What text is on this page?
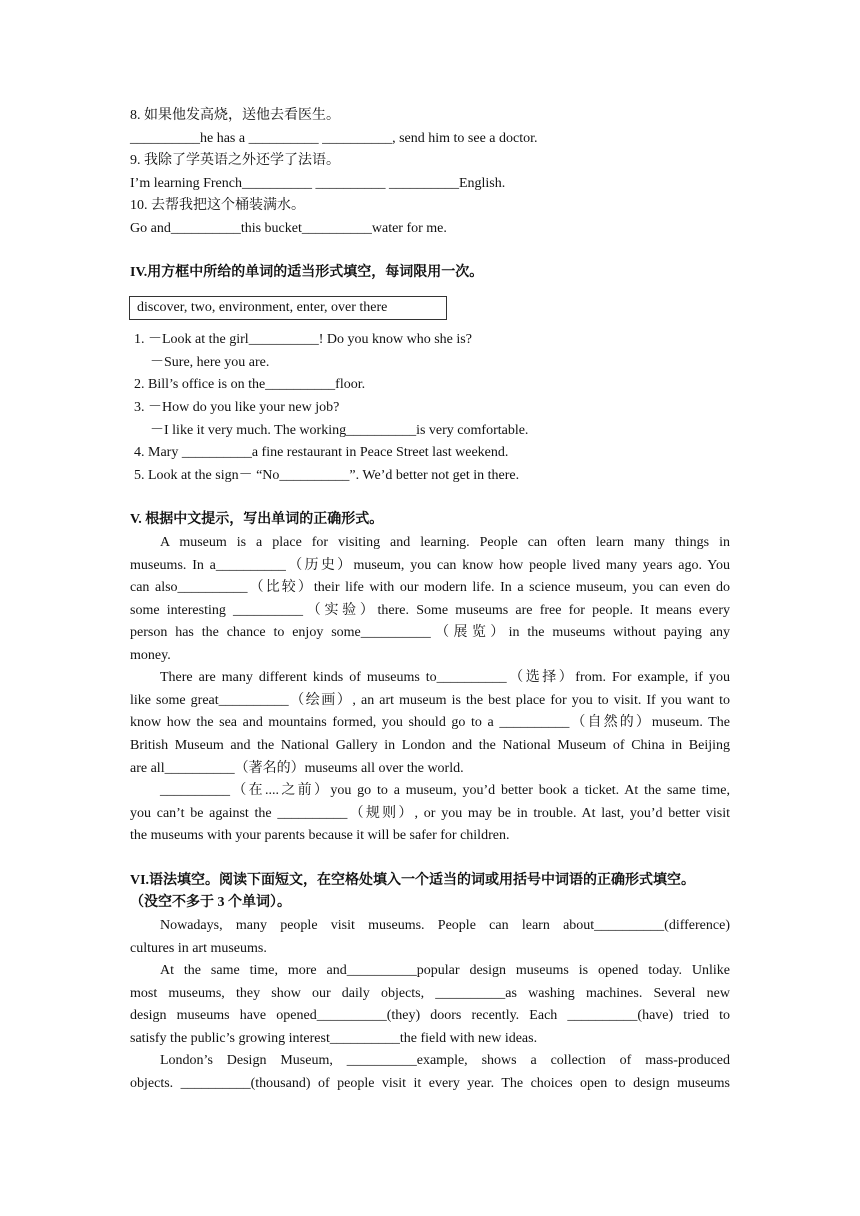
8. 如果他发高烧，送他去看医生。
__________he has a __________ __________, send him to see a doctor.
9. 我除了学英语之外还学了法语。
I’m learning French__________ __________ __________English.
10. 去帮我把这个桶装满水。
Go and__________this bucket__________water for me.
IV.用方框中所给的单词的适当形式填空，每词限用一次。
discover, two, environment, enter, over there
1. －Look at the girl__________! Do you know who she is?
－Sure, here you are.
2. Bill’s office is on the__________floor.
3. －How do you like your new job?
－I like it very much. The working__________is very comfortable.
4. Mary __________a fine restaurant in Peace Street last weekend.
5. Look at the sign－ “No__________”. We’d better not get in there.
V. 根据中文提示，写出单词的正确形式。
A museum is a place for visiting and learning. People can often learn many things in
museums. In a__________（历史）museum, you can know how people lived many years ago. You
can also__________（比较）their life with our modern life. In a science museum, you can even do
some interesting __________（实验）there. Some museums are free for people. It means every
person has the chance to enjoy some__________（展览）in the museums without paying any
money.
There are many different kinds of museums to__________（选择）from. For example, if you
like some great__________（绘画）, an art museum is the best place for you to visit. If you want to
know how the sea and mountains formed, you should go to a __________（自然的）museum. The
British Museum and the National Gallery in London and the National Museum of China in Beijing
are all__________（著名的）museums all over the world.
__________（在....之前）you go to a museum, you’d better book a ticket. At the same time,
you can’t be against the __________（规则）, or you may be in trouble. At last, you’d better visit
the museums with your parents because it will be safer for children.
VI.语法填空。阅读下面短文，在空格处填入一个适当的词或用括号中词语的正确形式填空。
（没空不多于 3 个单词）。
Nowadays, many people visit museums. People can learn about__________(difference)
cultures in art museums.
At the same time, more and__________popular design museums is opened today. Unlike
most museums, they show our daily objects, __________as washing machines. Several new
design museums have opened__________(they) doors recently. Each __________(have) tried to
satisfy the public’s growing interest__________the field with new ideas.
London’s Design Museum, __________example, shows a collection of mass-produced
objects. __________(thousand) of people visit it every year. The choices open to design museums
